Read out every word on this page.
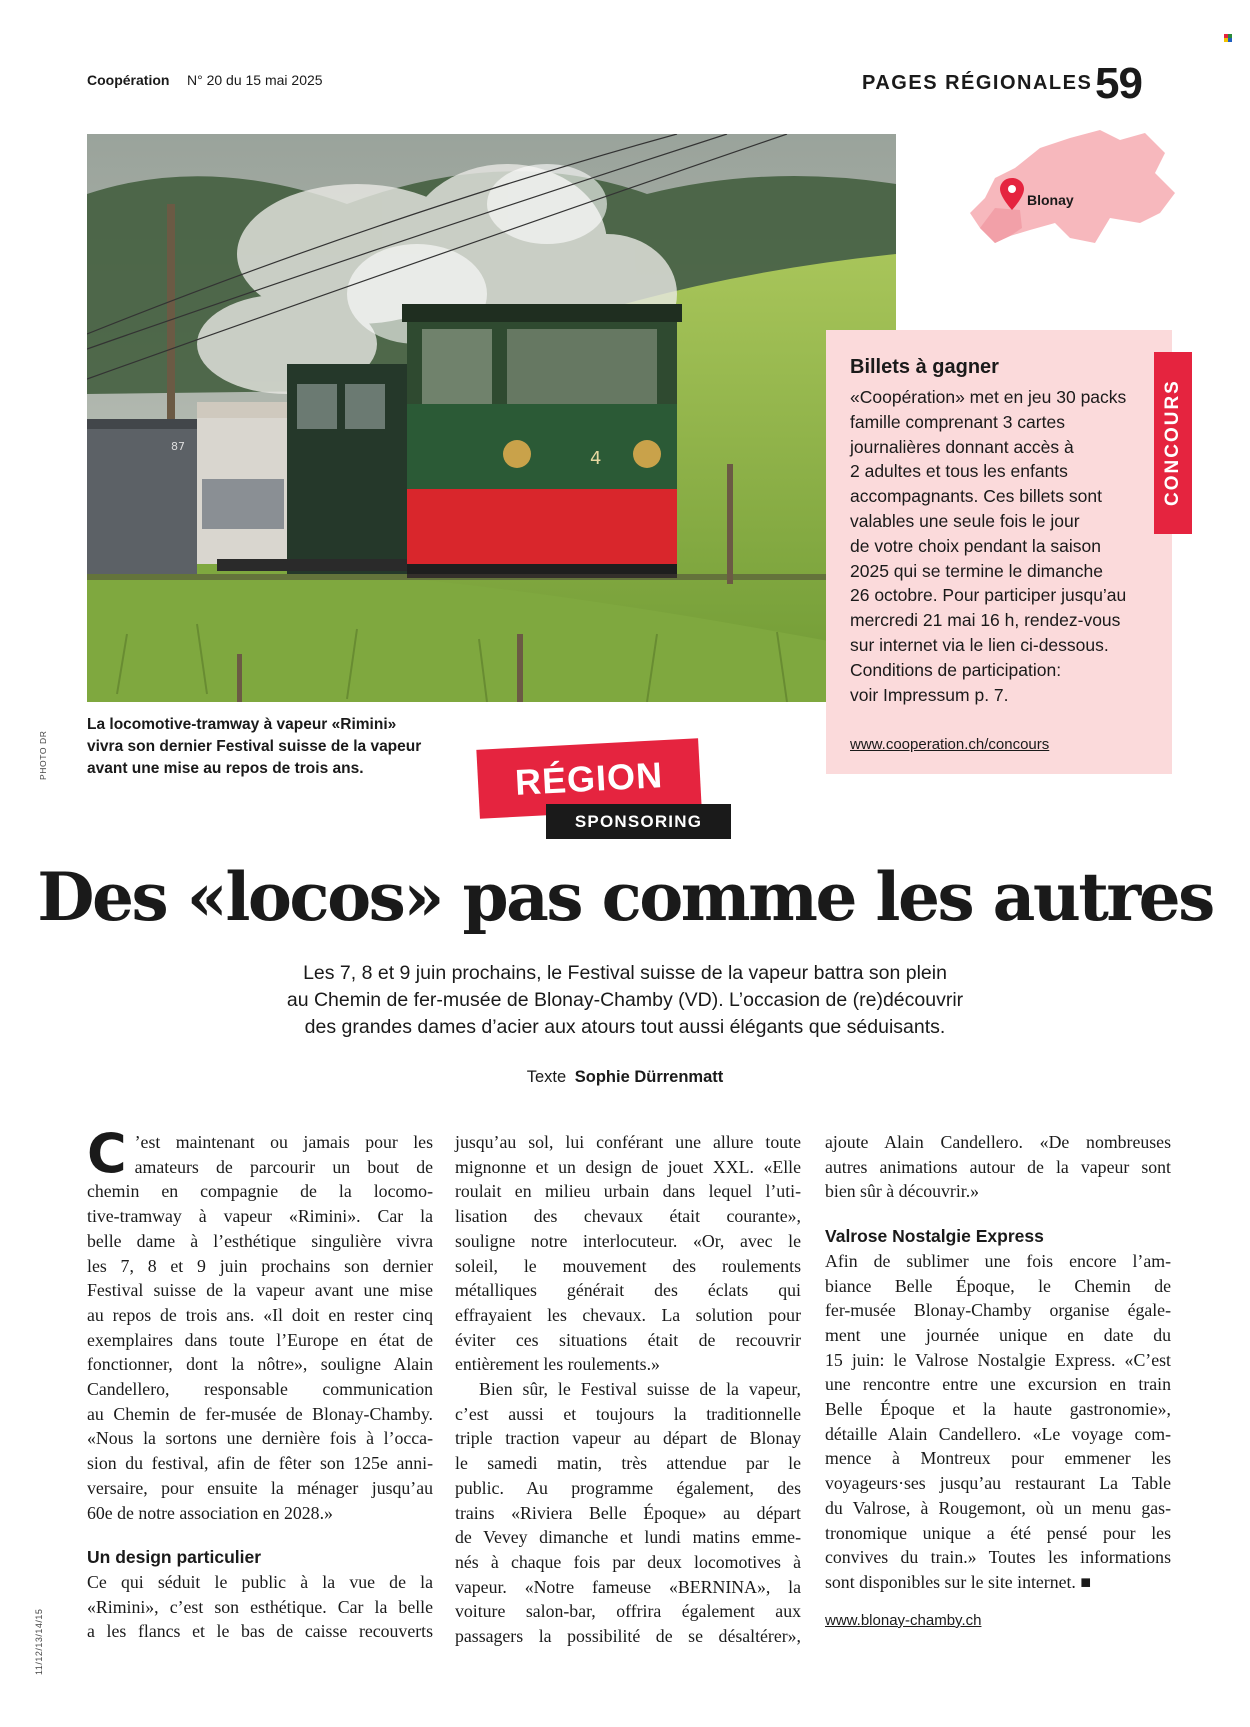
Coopération N° 20 du 15 mai 2025	PAGES RÉGIONALES 59
87
4
Blonay
Billets à gagner

«Coopération» met en jeu 30 packs

famille comprenant 3 cartes

journalières donnant accès à

2 adultes et tous les enfants

accompagnants. Ces billets sont

valables une seule fois le jour

de votre choix pendant la saison

2025 qui se termine le dimanche

26 octobre. Pour participer jusqu’au

mercredi 21 mai 16 h, rendez-vous

sur internet via le lien ci-dessous.

Conditions de participation:

voir Impressum p. 7.

www.cooperation.ch/concours
CONCOURS
PHOTO DR

La locomotive-tramway à vapeur «Rimini»

vivra son dernier Festival suisse de la vapeur

avant une mise au repos de trois ans.	RÉGION
SPONSORING
Des «locos» pas comme les autres

Les 7, 8 et 9 juin prochains, le Festival suisse de la vapeur battra son plein

au Chemin de fer-musée de Blonay-Chamby (VD). L’occasion de (re)découvrir

des grandes dames d’acier aux atours tout aussi élégants que séduisants.

Texte Sophie Dürrenmatt
C ’est maintenant ou jamais pour les

amateurs de parcourir un bout de

chemin en compagnie de la locomo-

tive-tramway à vapeur «Rimini». Car la

belle dame à l’esthétique singulière vivra

les 7, 8 et 9 juin prochains son dernier

Festival suisse de la vapeur avant une mise

au repos de trois ans. «Il doit en rester cinq

exemplaires dans toute l’Europe en état de

fonctionner, dont la nôtre», souligne Alain

Candellero, responsable communication

au Chemin de fer-musée de Blonay-Chamby.

«Nous la sortons une dernière fois à l’occa-

sion du festival, afin de fêter son 125e anni-

versaire, pour ensuite la ménager jusqu’au

60e de notre association en 2028.»

Un design particulier

Ce qui séduit le public à la vue de la

«Rimini», c’est son esthétique. Car la belle

a les flancs et le bas de caisse recouverts

jusqu’au sol, lui conférant une allure toute

mignonne et un design de jouet XXL. «Elle

roulait en milieu urbain dans lequel l’uti-

lisation des chevaux était courante»,

souligne notre interlocuteur. «Or, avec le

soleil, le mouvement des roulements

métalliques générait des éclats qui

effrayaient les chevaux. La solution pour

éviter ces situations était de recouvrir

entièrement les roulements.»

Bien sûr, le Festival suisse de la vapeur,

c’est aussi et toujours la traditionnelle

triple traction vapeur au départ de Blonay

le samedi matin, très attendue par le

public. Au programme également, des

trains «Riviera Belle Époque» au départ

de Vevey dimanche et lundi matins emme-

nés à chaque fois par deux locomotives à

vapeur. «Notre fameuse «BERNINA», la

voiture salon-bar, offrira également aux

passagers la possibilité de se désaltérer»,

ajoute Alain Candellero. «De nombreuses

autres animations autour de la vapeur sont

bien sûr à découvrir.»

Valrose Nostalgie Express

Afin de sublimer une fois encore l’am-

biance Belle Époque, le Chemin de

fer-musée Blonay-Chamby organise égale-

ment une journée unique en date du

15 juin: le Valrose Nostalgie Express. «C’est

une rencontre entre une excursion en train

Belle Époque et la haute gastronomie»,

détaille Alain Candellero. «Le voyage com-

mence à Montreux pour emmener les

voyageurs·ses jusqu’au restaurant La Table

du Valrose, à Rougemont, où un menu gas-

tronomique unique a été pensé pour les

convives du train.» Toutes les informations

sont disponibles sur le site internet. ■

www.blonay-chamby.ch

11/12/13/14/15
